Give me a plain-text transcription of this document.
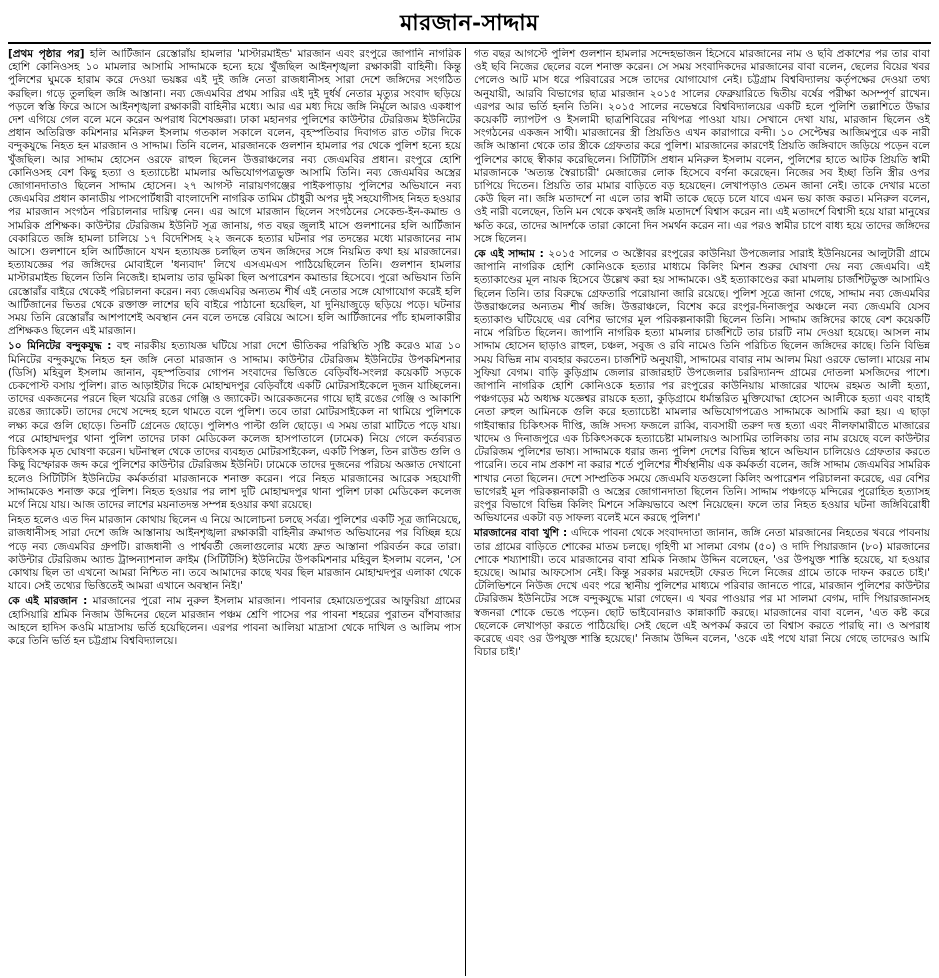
মারজান-সাদ্দাম

[প্রথম পৃষ্ঠার পর] হলি আর্টিজান রেস্তোরাঁয় হামলার 'মাস্টারমাইন্ড' মারজান এবং রংপুরে জাপানি নাগরিক হোশি কোনিওসহ ১০ মামলার আসামি সাদ্দামকে হন্যে হয়ে খুঁজছিল আইনশৃঙ্খলা রক্ষাকারী বাহিনী। কিন্তু পুলিশের ঘুমকে হারাম করে দেওয়া ভয়ঙ্কর এই দুই জঙ্গি নেতা রাজধানীসহ সারা দেশে জঙ্গিদের সংগঠিত করছিল। গড়ে তুলছিল জঙ্গি আস্তানা। নব্য জেএমবির প্রথম সারির এই দুই দুর্ধর্ষ নেতার মৃত্যুর সংবাদ ছড়িয়ে পড়লে স্বস্তি ফিরে আসে আইনশৃঙ্খলা রক্ষাকারী বাহিনীর মধ্যে। আর এর মধ্য দিয়ে জঙ্গি নির্মূলে আরও একধাপ দেশ এগিয়ে গেল বলে মনে করেন অপরাধ বিশেষজ্ঞরা। ঢাকা মহানগর পুলিশের কাউন্টার টেররিজম ইউনিটের প্রধান অতিরিক্ত কমিশনার মনিরুল ইসলাম গতকাল সকালে বলেন, বৃহস্পতিবার দিবাগত রাত ৩টার দিকে বন্দুকযুদ্ধে নিহত হন মারজান ও সাদ্দাম। তিনি বলেন, মারজানকে গুলশান হামলার পর থেকে পুলিশ হন্যে হয়ে খুঁজছিল। আর সাদ্দাম হোসেন ওরফে রাহুল ছিলেন উত্তরাঞ্চলের নব্য জেএমবির প্রধান। রংপুরে হোশি কোনিওসহ বেশ কিছু হত্যা ও হত্যাচেষ্টা মামলার অভিযোগপত্রভুক্ত আসামি তিনি। নব্য জেএমবির অস্ত্রের জোগানদাতাও ছিলেন সাদ্দাম হোসেন। ২৭ আগস্ট নারায়ণগঞ্জের পাইকপাড়ায় পুলিশের অভিযানে নব্য জেএমবির প্রধান কানাডীয় পাসপোর্টধারী বাংলাদেশি নাগরিক তামিম চৌধুরী অপর দুই সহযোগীসহ নিহত হওয়ার পর মারজান সংগঠন পরিচালনার দায়িত্ব নেন। এর আগে মারজান ছিলেন সংগঠনের সেকেন্ড-ইন-কমান্ড ও সামরিক প্রশিক্ষক। কাউন্টার টেররিজম ইউনিট সূত্র জানায়, গত বছর জুলাই মাসে গুলশানের হলি আর্টিজান বেকারিতে জঙ্গি হামলা চালিয়ে ১৭ বিদেশিসহ ২২ জনকে হত্যার ঘটনার পর তদন্তের মধ্যে মারজানের নাম আসে। গুলশানে হলি আর্টিজানে যখন হত্যাযজ্ঞ চলছিল তখন জঙ্গিদের সঙ্গে নিয়মিত কথা হয় মারজানের। হত্যাযজ্ঞের পর জঙ্গিদের মোবাইলে 'ধন্যবাদ' লিখে এসএমএস পাঠিয়েছিলেন তিনি। গুলশান হামলার মাস্টারমাইন্ড ছিলেন তিনি নিজেই। হামলায় তার ভূমিকা ছিল অপারেশন কমান্ডার হিসেবে। পুরো অভিযান তিনি রেস্তোরাঁর বাইরে থেকেই পরিচালনা করেন। নব্য জেএমবির অন্যতম শীর্ষ এই নেতার সঙ্গে যোগাযোগ করেই হলি আর্টিজানের ভিতর থেকে রক্তাক্ত লাশের ছবি বাইরে পাঠানো হয়েছিল, যা দুনিয়াজুড়ে ছড়িয়ে পড়ে। ঘটনার সময় তিনি রেস্তোরাঁর আশপাশেই অবস্থান নেন বলে তদন্তে বেরিয়ে আসে। হলি আর্টিজানের পাঁচ হামলাকারীর প্রশিক্ষকও ছিলেন এই মারজান।

১০ মিনিটের বন্দুকযুদ্ধ : বহু নারকীয় হত্যাযজ্ঞ ঘটিয়ে সারা দেশে ভীতিকর পরিস্থিতি সৃষ্টি করেও মাত্র ১০ মিনিটের বন্দুকযুদ্ধে নিহত হন জঙ্গি নেতা মারজান ও সাদ্দাম। কাউন্টার টেররিজম ইউনিটের উপকমিশনার (ডিসি) মহিবুল ইসলাম জানান, বৃহস্পতিবার গোপন সংবাদের ভিত্তিতে বেড়িবাঁধ-সংলগ্ন কয়েকটি সড়কে চেকপোস্ট বসায় পুলিশ। রাত আড়াইটার দিকে মোহাম্মদপুর বেড়িবাঁধে একটি মোটরসাইকেলে দুজন যাচ্ছিলেন। তাদের একজনের পরনে ছিল খয়েরি রঙের গেঞ্জি ও জ্যাকেট। আরেকজনের গায়ে ছাই রঙের গেঞ্জি ও আকাশি রঙের জ্যাকেট। তাদের দেখে সন্দেহ হলে থামতে বলে পুলিশ। তবে তারা মোটরসাইকেল না থামিয়ে পুলিশকে লক্ষ্য করে গুলি ছোড়ে। তিনটি গ্রেনেড ছোড়ে। পুলিশও পাল্টা গুলি ছোড়ে। এ সময় তারা মাটিতে পড়ে যায়। পরে মোহাম্মদপুর থানা পুলিশ তাদের ঢাকা মেডিকেল কলেজ হাসপাতালে (ঢামেক) নিয়ে গেলে কর্তব্যরত চিকিৎসক মৃত ঘোষণা করেন। ঘটনাস্থল থেকে তাদের ব্যবহৃত মোটরসাইকেল, একটি পিস্তল, তিন রাউন্ড গুলি ও কিছু বিস্ফোরক জব্দ করে পুলিশের কাউন্টার টেররিজম ইউনিট। ঢামেকে তাদের দুজনের পরিচয় অজ্ঞাত দেখানো হলেও সিটিটিসি ইউনিটের কর্মকর্তারা মারজানকে শনাক্ত করেন। পরে নিহত মারজানের আরেক সহযোগী সাদ্দামকেও শনাক্ত করে পুলিশ। নিহত হওয়ার পর লাশ দুটি মোহাম্মদপুর থানা পুলিশ ঢাকা মেডিকেল কলেজ মর্গে নিয়ে যায়। আজ তাদের লাশের ময়নাতদন্ত সম্পন্ন হওয়ার কথা রয়েছে।

নিহত হলেও এত দিন মারজান কোথায় ছিলেন এ নিয়ে আলোচনা চলছে সর্বত্র। পুলিশের একটি সূত্র জানিয়েছে, রাজধানীসহ সারা দেশে জঙ্গি আস্তানায় আইনশৃঙ্খলা রক্ষাকারী বাহিনীর ক্রমাগত অভিযানের পর বিচ্ছিন্ন হয়ে পড়ে নব্য জেএমবির গ্রুপটি। রাজধানী ও পার্শ্ববর্তী জেলাগুলোর মধ্যে দ্রুত আস্তানা পরিবর্তন করে তারা। কাউন্টার টেররিজম অ্যান্ড ট্রান্সন্যাশনাল ক্রাইম (সিটিটিসি) ইউনিটের উপকমিশনার মহিবুল ইসলাম বলেন, 'সে কোথায় ছিল তা এখনো আমরা নিশ্চিত না। তবে আমাদের কাছে খবর ছিল মারজান মোহাম্মদপুর এলাকা থেকে যাবে। সেই তথ্যের ভিত্তিতেই আমরা এখানে অবস্থান নিই।'

কে এই মারজান : মারজানের পুরো নাম নুরুল ইসলাম মারজান। পাবনার হেমায়েতপুরের আফুরিয়া গ্রামের হোসিয়ারি শ্রমিক নিজাম উদ্দিনের ছেলে মারজান পঞ্চম শ্রেণি পাসের পর পাবনা শহরের পুরাতন বাঁশবাজার আহলে হাদিস কওমি মাদ্রাসায় ভর্তি হয়েছিলেন। এরপর পাবনা আলিয়া মাদ্রাসা থেকে দাখিল ও আলিম পাস করে তিনি ভর্তি হন চট্টগ্রাম বিশ্ববিদ্যালয়ে।

গত বছর আগস্টে পুলিশ গুলশান হামলার সন্দেহভাজন হিসেবে মারজানের নাম ও ছবি প্রকাশের পর তার বাবা ওই ছবি নিজের ছেলের বলে শনাক্ত করেন। সে সময় সংবাদিকদের মারজানের বাবা বলেন, ছেলের বিয়ের খবর পেলেও আট মাস ধরে পরিবারের সঙ্গে তাদের যোগাযোগ নেই। চট্টগ্রাম বিশ্ববিদ্যালয় কর্তৃপক্ষের দেওয়া তথ্য অনুযায়ী, আরবি বিভাগের ছাত্র মারজান ২০১৫ সালের ফেব্রুয়ারিতে দ্বিতীয় বর্ষের পরীক্ষা অসম্পূর্ণ রাখেন। এরপর আর ভর্তি হননি তিনি। ২০১৫ সালের নভেম্বরে বিশ্ববিদ্যালয়ের একটি হলে পুলিশি তল্লাশিতে উদ্ধার কয়েকটি ল্যাপটপ ও ইসলামী ছাত্রশিবিরের নথিপত্র পাওয়া যায়। সেখানে দেখা যায়, মারজান ছিলেন ওই সংগঠনের একজন সাথী। মারজানের স্ত্রী প্রিয়তিও এখন কারাগারে বন্দী। ১০ সেপ্টেম্বর আজিমপুরে এক নারী জঙ্গি আস্তানা থেকে তার স্ত্রীকে গ্রেফতার করে পুলিশ। মারজানের কারণেই প্রিয়তি জঙ্গিবাদে জড়িয়ে পড়েন বলে পুলিশের কাছে স্বীকার করেছিলেন। সিটিটিসি প্রধান মনিরুল ইসলাম বলেন, পুলিশের হাতে আটক প্রিয়তি স্বামী মারজানকে 'অত্যন্ত স্বৈরাচারী' মেজাজের লোক হিসেবে বর্ণনা করেছেন। নিজের সব ইচ্ছা তিনি স্ত্রীর ওপর চাপিয়ে দিতেন। প্রিয়তি তার মামার বাড়িতে বড় হয়েছেন। লেখাপড়াও তেমন জানা নেই। তাকে দেখার মতো কেউ ছিল না। জঙ্গি মতাদর্শে না এলে তার স্বামী তাকে ছেড়ে চলে যাবে এমন ভয় কাজ করত। মনিরুল বলেন, ওই নারী বলেছেন, তিনি মন থেকে কখনই জঙ্গি মতাদর্শে বিশ্বাস করেন না। এই মতাদর্শে বিশ্বাসী হয়ে যারা মানুষের ক্ষতি করে, তাদের আদর্শকে তারা কোনো দিন সমর্থন করেন না। এর পরও স্বামীর চাপে বাধ্য হয়ে তাদের জঙ্গিদের সঙ্গে ছিলেন।

কে এই সাদ্দাম : ২০১৫ সালের ৩ অক্টোবর রংপুরের কাউনিয়া উপজেলার সারাই ইউনিয়নের আলুটারী গ্রামে জাপানি নাগরিক হোশি কোনিওকে হত্যার মাধ্যমে কিলিং মিশন শুরুর ঘোষণা দেয় নব্য জেএমবি। এই হত্যাকাণ্ডের মূল নায়ক হিসেবে উল্লেখ করা হয় সাদ্দামকে। ওই হত্যাকাণ্ডের করা মামলায় চার্জশিটভুক্ত আসামিও ছিলেন তিনি। তার বিরুদ্ধে গ্রেফতারি পরোয়ানা জারি রয়েছে। পুলিশ সূত্রে জানা গেছে, সাদ্দাম নব্য জেএমবির উত্তরাঞ্চলের অন্যতম শীর্ষ জঙ্গি। উত্তরাঞ্চলে, বিশেষ করে রংপুর-দিনাজপুর অঞ্চলে নব্য জেএমবি যেসব হত্যাকাণ্ড ঘটিয়েছে এর বেশির ভাগের মূল পরিকল্পনাকারী ছিলেন তিনি। সাদ্দাম জঙ্গিদের কাছে বেশ কয়েকটি নামে পরিচিত ছিলেন। জাপানি নাগরিক হত্যা মামলার চার্জশিটে তার চারটি নাম দেওয়া হয়েছে। আসল নাম সাদ্দাম হোসেন ছাড়াও রাহুল, চঞ্চল, সবুজ ও রবি নামেও তিনি পরিচিত ছিলেন জঙ্গিদের কাছে। তিনি বিভিন্ন সময় বিভিন্ন নাম ব্যবহার করতেন। চার্জশিট অনুযায়ী, সাদ্দামের বাবার নাম আলম মিয়া ওরফে ভোলা। মায়ের নাম সুফিয়া বেগম। বাড়ি কুড়িগ্রাম জেলার রাজারহাট উপজেলার চররিদ্যানন্দ গ্রামের দোতলা মসজিদের পাশে। জাপানি নাগরিক হোশি কোনিওকে হত্যার পর রংপুরের কাউনিয়ায় মাজারের খাদেম রহমত আলী হত্যা, পঞ্চগড়ের মঠ অধ্যক্ষ যজ্ঞেশ্বর রায়কে হত্যা, কুড়িগ্রামে ধর্মান্তরিত মুক্তিযোদ্ধা হোসেন আলীকে হত্যা এবং বাহাই নেতা রুহুল আমিনকে গুলি করে হত্যাচেষ্টা মামলার অভিযোগপত্রেও সাদ্দামকে আসামি করা হয়। এ ছাড়া গাইবান্ধার চিকিৎসক দীপ্তি, জঙ্গি সদস্য ফজলে রাব্বি, ব্যবসায়ী তরুণ দত্ত হত্যা এবং নীলফামারীতে মাজারের খাদেম ও দিনাজপুরে এক চিকিৎসককে হত্যাচেষ্টা মামলায়ও আসামির তালিকায় তার নাম রয়েছে বলে কাউন্টার টেররিজম পুলিশের ভাষ্য। সাদ্দামকে ধরার জন্য পুলিশ দেশের বিভিন্ন স্থানে অভিযান চালিয়েও গ্রেফতার করতে পারেনি। তবে নাম প্রকাশ না করার শর্তে পুলিশের শীর্ষস্থানীয় এক কর্মকর্তা বলেন, জঙ্গি সাদ্দাম জেএমবির সামরিক শাখার নেতা ছিলেন। দেশে সাম্প্রতিক সময়ে জেএমবি যতগুলো কিলিং অপারেশন পরিচালনা করেছে, এর বেশির ভাগেরই মূল পরিকল্পনাকারী ও অস্ত্রের জোগানদাতা ছিলেন তিনি। সাদ্দাম পঞ্চগড়ে মন্দিরের পুরোহিত হত্যাসহ রংপুর বিভাগে বিভিন্ন কিলিং মিশনে সক্রিয়ভাবে অংশ নিয়েছেন। ফলে তার নিহত হওয়ার ঘটনা জঙ্গিবিরোধী অভিযানের একটা বড় সাফল্য বলেই মনে করছে পুলিশ।'

মারজানের বাবা খুশি : এদিকে পাবনা থেকে সংবাদদাতা জানান, জঙ্গি নেতা মারজানের নিহতের খবরে পাবনায় তার গ্রামের বাড়িতে শোকের মাতম চলছে। গৃহিণী মা সালমা বেগম (৫০) ও দাদি পিয়ারজান (৮০) মারজানের শোকে শয্যাশায়ী। তবে মারজানের বাবা শ্রমিক নিজাম উদ্দিন বলেছেন, 'ওর উপযুক্ত শাস্তি হয়েছে, যা হওয়ার হয়েছে। আমার আফসোস নেই। কিন্তু সরকার মরদেহটা ফেরত দিলে নিজের গ্রামে তাকে দাফন করতে চাই।' টেলিভিশনে নিউজ দেখে এবং পরে স্থানীয় পুলিশের মাধ্যমে পরিবার জানতে পারে, মারজান পুলিশের কাউন্টার টেররিজম ইউনিটের সঙ্গে বন্দুকযুদ্ধে মারা গেছেন। এ খবর পাওয়ার পর মা সালমা বেগম, দাদি পিয়ারজানসহ স্বজনরা শোকে ভেঙে পড়েন। ছোট ভাইবোনরাও কান্নাকাটি করছে। মারজানের বাবা বলেন, 'এত কষ্ট করে ছেলেকে লেখাপড়া করতে পাঠিয়েছি। সেই ছেলে এই অপকর্ম করবে তা বিশ্বাস করতে পারছি না। ও অপরাধ করেছে এবং ওর উপযুক্ত শাস্তি হয়েছে।' নিজাম উদ্দিন বলেন, 'ওকে এই পথে যারা নিয়ে গেছে তাদেরও আমি বিচার চাই।'
